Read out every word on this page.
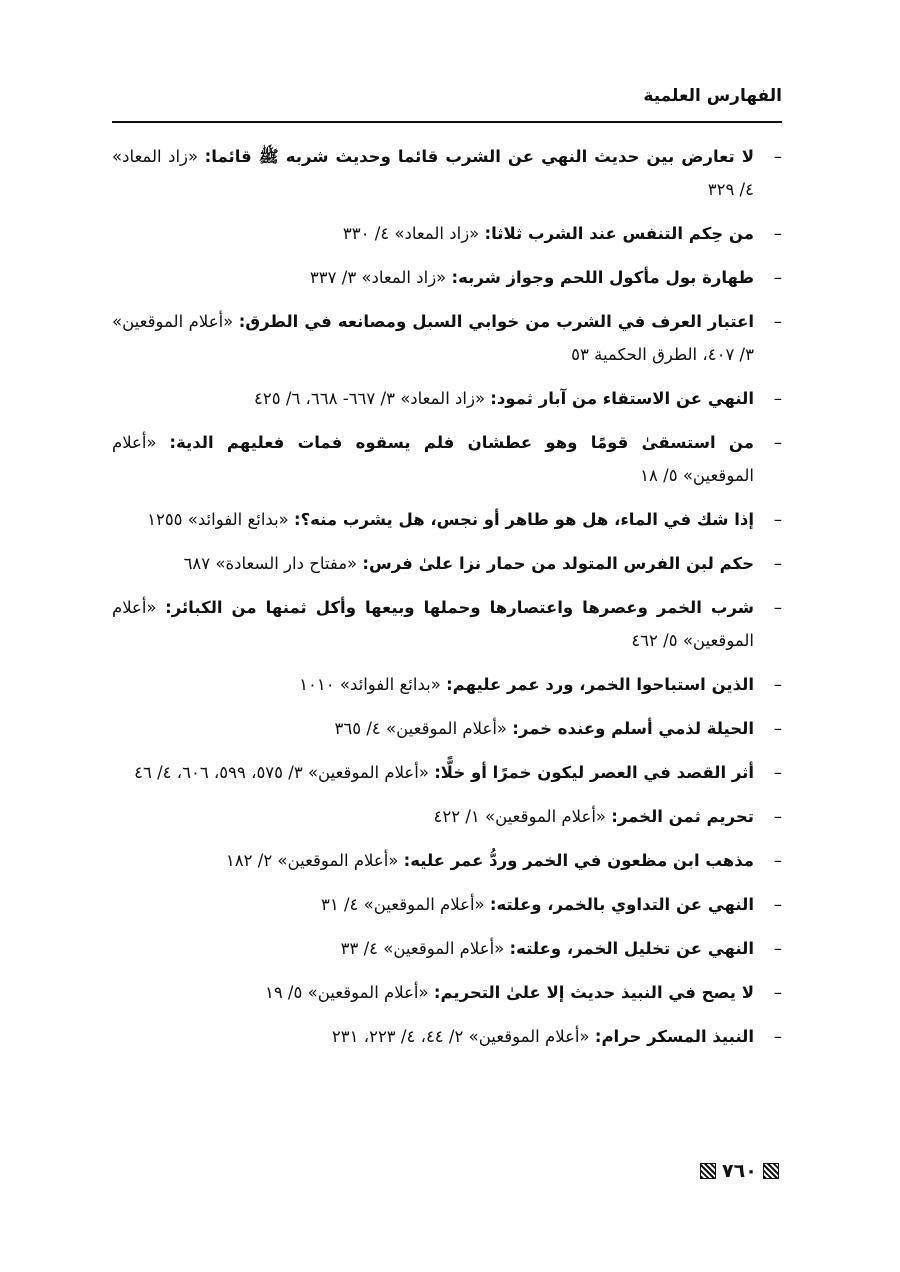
الفهارس العلمية
–
لا تعارض بين حديث النهي عن الشرب قائما وحديث شربه ﷺ قائما: «زاد المعاد» ٤/ ٣٢٩
–
من حِكم التنفس عند الشرب ثلاثا: «زاد المعاد» ٤/ ٣٣٠
–
طهارة بول مأكول اللحم وجواز شربه: «زاد المعاد» ٣/ ٣٣٧
–
اعتبار العرف في الشرب من خوابي السبل ومصانعه في الطرق: «أعلام الموقعين» ٣/ ٤٠٧، الطرق الحكمية ٥٣
–
النهي عن الاستقاء من آبار ثمود: «زاد المعاد» ٣/ ٦٦٧- ٦٦٨، ٦/ ٤٢٥
–
من استسقىٰ قومًا وهو عطشان فلم يسقوه فمات فعليهم الدية: «أعلام الموقعين» ٥/ ١٨
–
إذا شك في الماء، هل هو طاهر أو نجس، هل يشرب منه؟: «بدائع الفوائد» ١٢٥٥
–
حكم لبن الفرس المتولد من حمار نزا علىٰ فرس: «مفتاح دار السعادة» ٦٨٧
–
شرب الخمر وعصرها واعتصارها وحملها وبيعها وأكل ثمنها من الكبائر: «أعلام الموقعين» ٥/ ٤٦٢
–
الذين استباحوا الخمر، ورد عمر عليهم: «بدائع الفوائد» ١٠١٠
–
الحيلة لذمي أسلم وعنده خمر: «أعلام الموقعين» ٤/ ٣٦٥
–
أثر القصد في العصر ليكون خمرًا أو خلًّا: «أعلام الموقعين» ٣/ ٥٧٥، ٥٩٩، ٦٠٦، ٤/ ٤٦
–
تحريم ثمن الخمر: «أعلام الموقعين» ١/ ٤٢٢
–
مذهب ابن مظعون في الخمر وردُّ عمر عليه: «أعلام الموقعين» ٢/ ١٨٢
–
النهي عن التداوي بالخمر، وعلته: «أعلام الموقعين» ٤/ ٣١
–
النهي عن تخليل الخمر، وعلته: «أعلام الموقعين» ٤/ ٣٣
–
لا يصح في النبيذ حديث إلا علىٰ التحريم: «أعلام الموقعين» ٥/ ١٩
–
النبيذ المسكر حرام: «أعلام الموقعين» ٢/ ٤٤، ٤/ ٢٢٣، ٢٣١
٧٦٠
